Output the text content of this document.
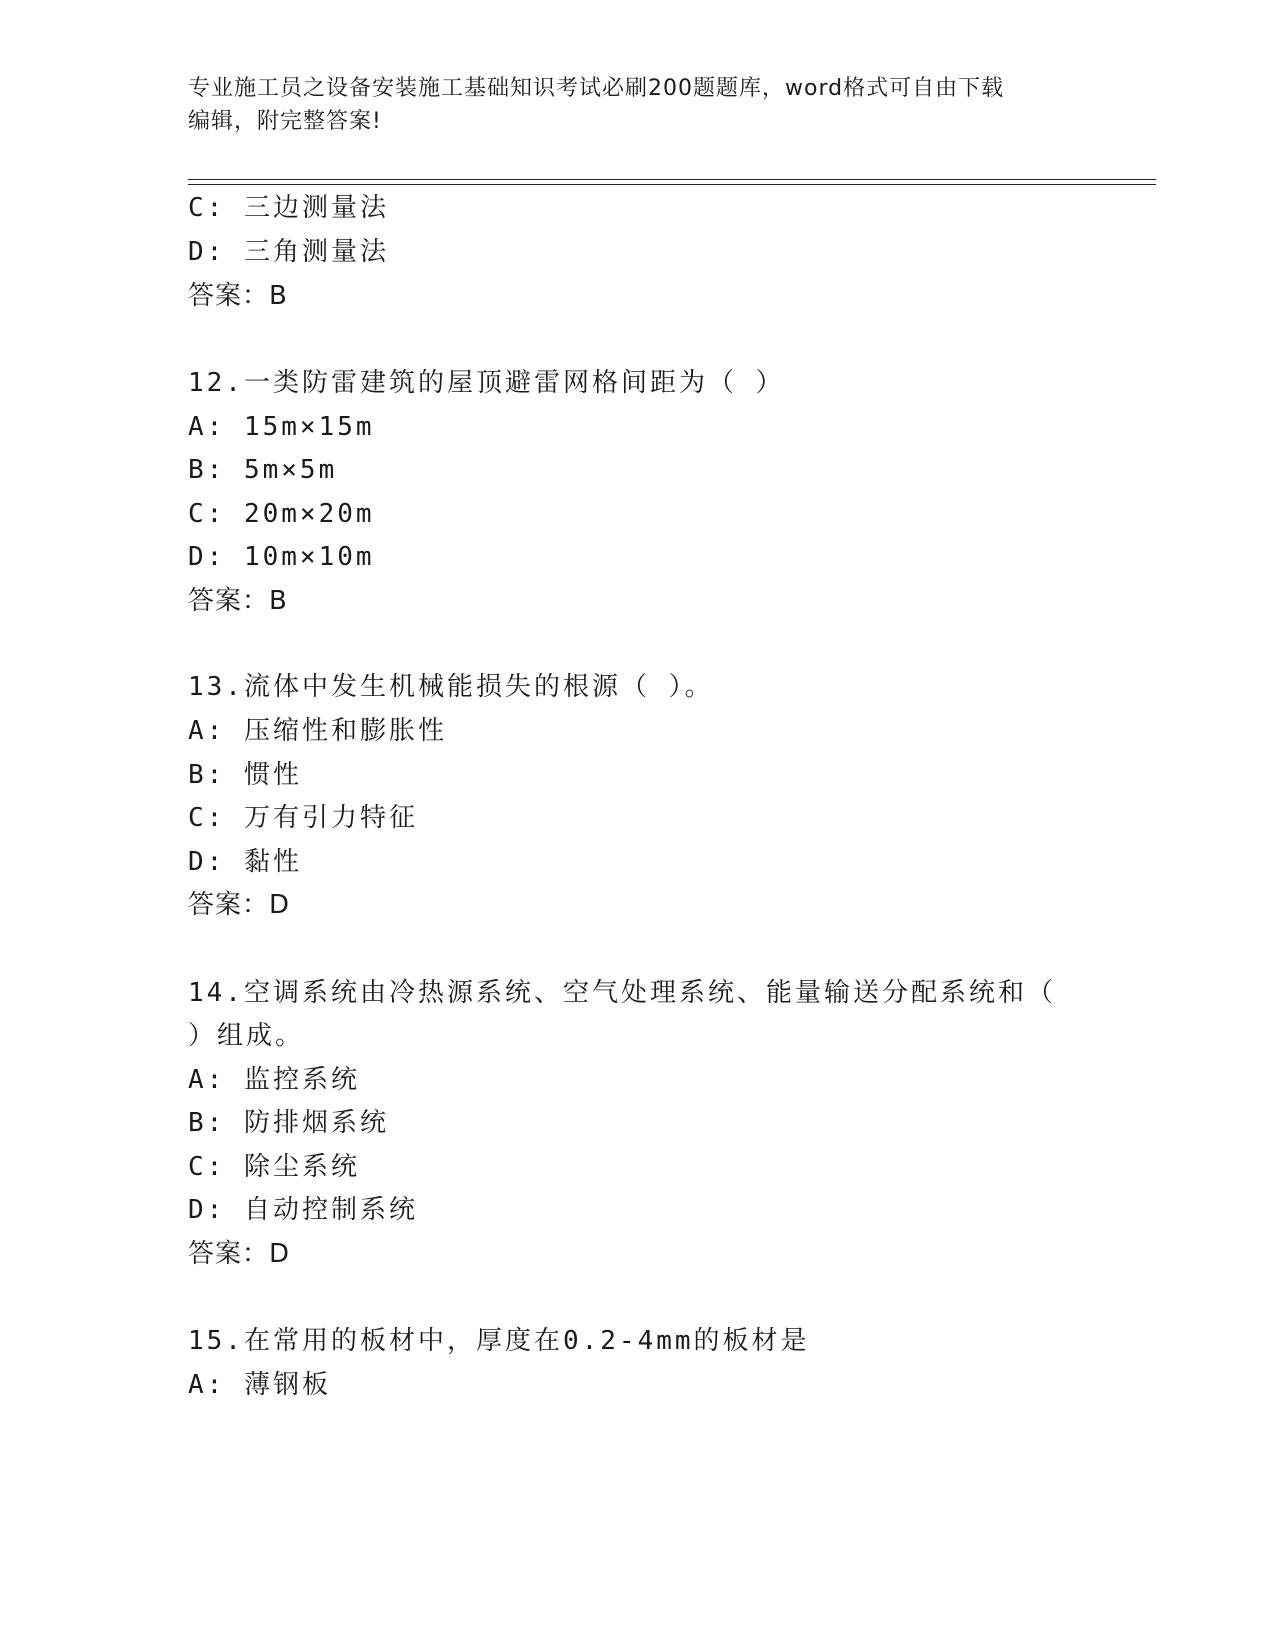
专业施工员之设备安装施工基础知识考试必刷200题题库，word格式可自由下载
编辑，附完整答案!
C: 三边测量法
D: 三角测量法
答案：B
12.一类防雷建筑的屋顶避雷网格间距为（ ）
A: 15m×15m
B: 5m×5m
C: 20m×20m
D: 10m×10m
答案：B
13.流体中发生机械能损失的根源（ ）。
A: 压缩性和膨胀性
B: 惯性
C: 万有引力特征
D: 黏性
答案：D
14.空调系统由冷热源系统、空气处理系统、能量输送分配系统和（
）组成。
A: 监控系统
B: 防排烟系统
C: 除尘系统
D: 自动控制系统
答案：D
15.在常用的板材中，厚度在0.2-4mm的板材是
A: 薄钢板
